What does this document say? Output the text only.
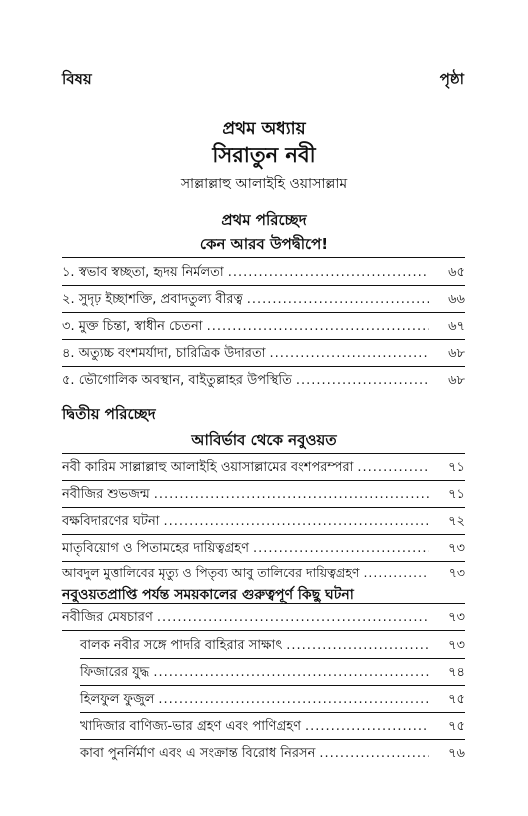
বিষয়	পৃষ্ঠা
প্রথম অধ্যায়
সিরাতুন নবী
সাল্লাল্লাহু আলাইহি ওয়াসাল্লাম
প্রথম পরিচ্ছেদ
কেন আরব উপদ্বীপে!
১. স্বভাব স্বচ্ছতা, হৃদয় নির্মলতা .....	৬৫
২. সুদৃঢ় ইচ্ছাশক্তি, প্রবাদতুল্য বীরত্ব .....	৬৬
৩. মুক্ত চিন্তা, স্বাধীন চেতনা .....	৬৭
৪. অত্যুচ্চ বংশমর্যাদা, চারিত্রিক উদারতা .....	৬৮
৫. ভৌগোলিক অবস্থান, বাইতুল্লাহর উপস্থিতি .....	৬৮
দ্বিতীয় পরিচ্ছেদ
আবির্ভাব থেকে নবুওয়ত
নবী কারিম সাল্লাল্লাহু আলাইহি ওয়াসাল্লামের বংশপরম্পরা .....	৭১
নবীজির শুভজন্ম .....	৭১
বক্ষবিদারণের ঘটনা .....	৭২
মাতৃবিয়োগ ও পিতামহের দায়িত্বগ্রহণ .....	৭৩
আবদুল মুত্তালিবের মৃত্যু ও পিতৃব্য আবু তালিবের দায়িত্বগ্রহণ .....	৭৩
নবুওয়তপ্রাপ্তি পর্যন্ত সময়কালের গুরুত্বপূর্ণ কিছু ঘটনা
নবীজির মেষচারণ .....	৭৩
বালক নবীর সঙ্গে পাদরি বাহিরার সাক্ষাৎ .....	৭৩
ফিজারের যুদ্ধ .....	৭৪
হিলফুল ফুজুল .....	৭৫
খাদিজার বাণিজ্য-ভার গ্রহণ এবং পাণিগ্রহণ .....	৭৫
কাবা পুনর্নির্মাণ এবং এ সংক্রান্ত বিরোধ নিরসন .....	৭৬
